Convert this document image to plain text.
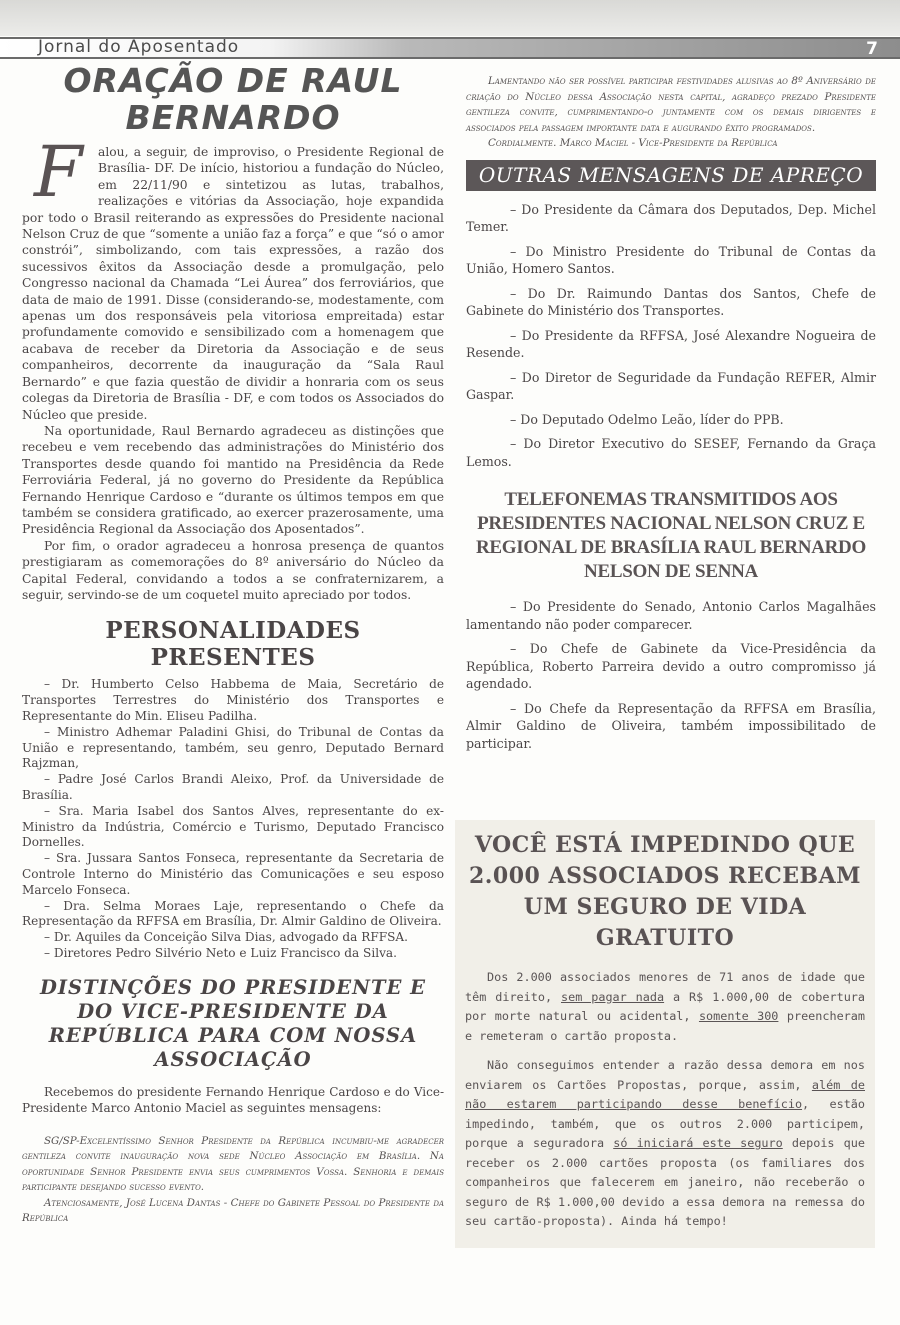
Jornal do Aposentado	7
ORAÇÃO DE RAUL BERNARDO
F	alou, a seguir, de improviso, o Presidente Regional de Brasília- DF. De início, historiou a fundação do Núcleo, em 22/11/90 e sintetizou as lutas, trabalhos, realizações e vitórias da Associação, hoje expandida por todo o Brasil reiterando as expressões do Presidente nacional Nelson Cruz de que “somente a união faz a força” e que “só o amor constrói”, simbolizando, com tais expressões, a razão dos sucessivos êxitos da Associação desde a promulgação, pelo Congresso nacional da Chamada “Lei Áurea” dos ferroviários, que data de maio de 1991. Disse (considerando-se, modestamente, com apenas um dos responsáveis pela vitoriosa empreitada) estar profundamente comovido e sensibilizado com a homenagem que acabava de receber da Diretoria da Associação e de seus companheiros, decorrente da inauguração da “Sala Raul Bernardo” e que fazia questão de dividir a honraria com os seus colegas da Diretoria de Brasília - DF, e com todos os Associados do Núcleo que preside.

Na oportunidade, Raul Bernardo agradeceu as distinções que recebeu e vem recebendo das administrações do Ministério dos Transportes desde quando foi mantido na Presidência da Rede Ferroviária Federal, já no governo do Presidente da República Fernando Henrique Cardoso e “durante os últimos tempos em que também se considera gratificado, ao exercer prazerosamente, uma Presidência Regional da Associação dos Aposentados”.

Por fim, o orador agradeceu a honrosa presença de quantos prestigiaram as comemorações do 8º aniversário do Núcleo da Capital Federal, convidando a todos a se confraternizarem, a seguir, servindo-se de um coquetel muito apreciado por todos.

PERSONALIDADES PRESENTES

– Dr. Humberto Celso Habbema de Maia, Secretário de Transportes Terrestres do Ministério dos Transportes e Representante do Min. Eliseu Padilha.

– Ministro Adhemar Paladini Ghisi, do Tribunal de Contas da União e representando, também, seu genro, Deputado Bernard Rajzman,

– Padre José Carlos Brandi Aleixo, Prof. da Universidade de Brasília.

– Sra. Maria Isabel dos Santos Alves, representante do ex-Ministro da Indústria, Comércio e Turismo, Deputado Francisco Dornelles.

– Sra. Jussara Santos Fonseca, representante da Secretaria de Controle Interno do Ministério das Comunicações e seu esposo Marcelo Fonseca.

– Dra. Selma Moraes Laje, representando o Chefe da Representação da RFFSA em Brasília, Dr. Almir Galdino de Oliveira.

– Dr. Aquiles da Conceição Silva Dias, advogado da RFFSA.

– Diretores Pedro Silvério Neto e Luiz Francisco da Silva.

DISTINÇÕES DO PRESIDENTE E DO VICE-PRESIDENTE DA REPÚBLICA PARA COM NOSSA ASSOCIAÇÃO

Recebemos do presidente Fernando Henrique Cardoso e do Vice-Presidente Marco Antonio Maciel as seguintes mensagens:

SG/SP-Excelentíssimo Senhor Presidente da República incumbiu-me agradecer gentileza convite inauguração nova sede Núcleo Associação em Brasília. Na oportunidade Senhor Presidente envia seus cumprimentos Vossa. Senhoria e demais participante desejando sucesso evento.

Atenciosamente, José Lucena Dantas - Chefe do Gabinete Pessoal do Presidente da República

Lamentando não ser possível participar festividades alusivas ao 8º Aniversário de criação do Núcleo dessa Associação nesta capital, agradeço prezado Presidente gentileza convite, cumprimentando-o juntamente com os demais dirigentes e associados pela passagem importante data e augurando êxito programados.

Cordialmente. Marco Maciel - Vice-Presidente da República

OUTRAS MENSAGENS DE APREÇO

– Do Presidente da Câmara dos Deputados, Dep. Michel Temer.

– Do Ministro Presidente do Tribunal de Contas da União, Homero Santos.

– Do Dr. Raimundo Dantas dos Santos, Chefe de Gabinete do Ministério dos Transportes.

– Do Presidente da RFFSA, José Alexandre Nogueira de Resende.

– Do Diretor de Seguridade da Fundação REFER, Almir Gaspar.

– Do Deputado Odelmo Leão, líder do PPB.

– Do Diretor Executivo do SESEF, Fernando da Graça Lemos.

TELEFONEMAS TRANSMITIDOS AOS PRESIDENTES NACIONAL NELSON CRUZ E REGIONAL DE BRASÍLIA RAUL BERNARDO NELSON DE SENNA

– Do Presidente do Senado, Antonio Carlos Magalhães lamentando não poder comparecer.

– Do Chefe de Gabinete da Vice-Presidência da República, Roberto Parreira devido a outro compromisso já agendado.

– Do Chefe da Representação da RFFSA em Brasília, Almir Galdino de Oliveira, também impossibilitado de participar.

VOCÊ ESTÁ IMPEDINDO QUE 2.000 ASSOCIADOS RECEBAM UM SEGURO DE VIDA GRATUITO

Dos 2.000 associados menores de 71 anos de idade que têm direito, sem pagar nada a R$ 1.000,00 de cobertura por morte natural ou acidental, somente 300 preencheram e remeteram o cartão proposta.

Não conseguimos entender a razão dessa demora em nos enviarem os Cartões Propostas, porque, assim, além de não estarem participando desse benefício, estão impedindo, também, que os outros 2.000 participem, porque a seguradora só iniciará este seguro depois que receber os 2.000 cartões proposta (os familiares dos companheiros que falecerem em janeiro, não receberão o seguro de R$ 1.000,00 devido a essa demora na remessa do seu cartão-proposta). Ainda há tempo!
